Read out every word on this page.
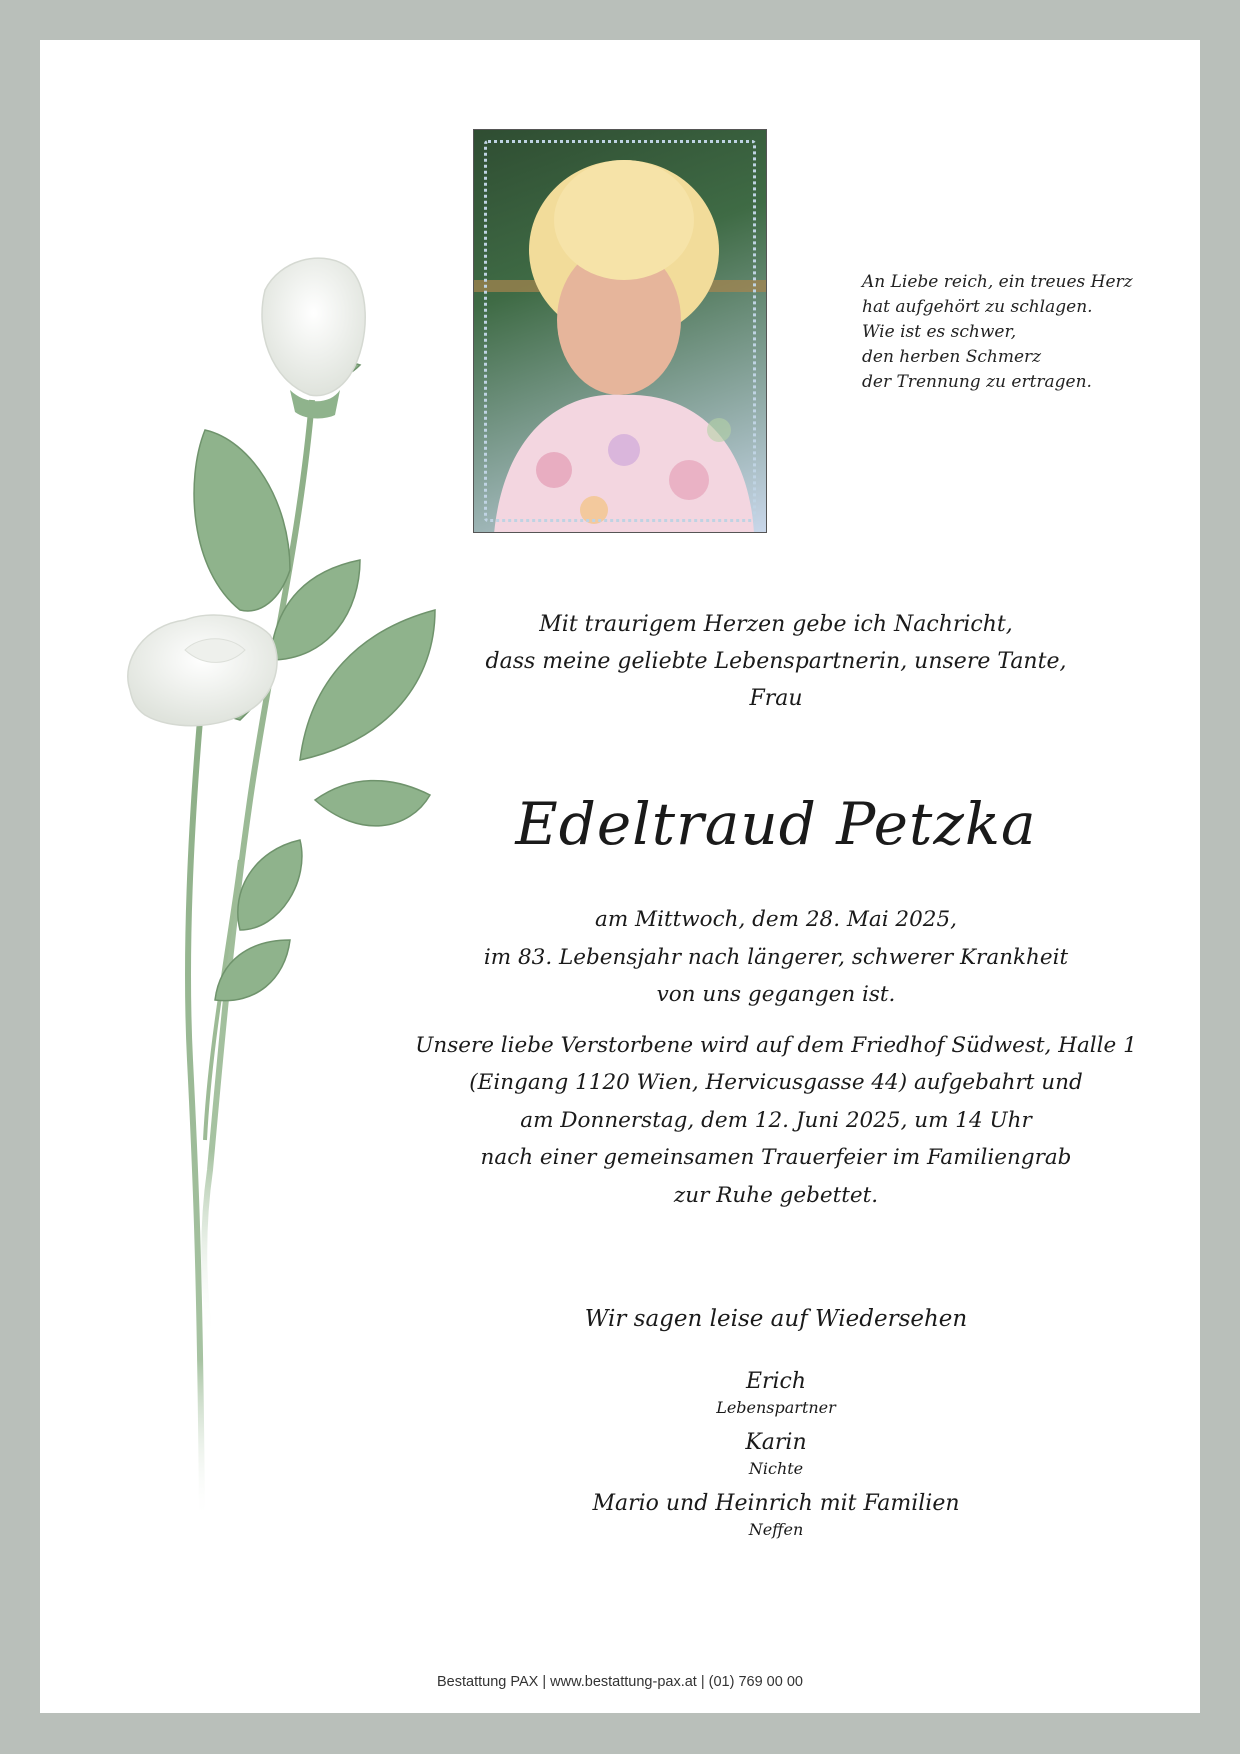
An Liebe reich, ein treues Herz
hat aufgehört zu schlagen.
Wie ist es schwer,
den herben Schmerz
der Trennung zu ertragen.
Mit traurigem Herzen gebe ich Nachricht,
dass meine geliebte Lebenspartnerin, unsere Tante,
Frau
Edeltraud Petzka
am Mittwoch, dem 28. Mai 2025,
im 83. Lebensjahr nach längerer, schwerer Krankheit
von uns gegangen ist.
Unsere liebe Verstorbene wird auf dem Friedhof Südwest, Halle 1
(Eingang 1120 Wien, Hervicusgasse 44) aufgebahrt und
am Donnerstag, dem 12. Juni 2025, um 14 Uhr
nach einer gemeinsamen Trauerfeier im Familiengrab
zur Ruhe gebettet.
Wir sagen leise auf Wiedersehen
Erich
Lebenspartner
Karin
Nichte
Mario und Heinrich mit Familien
Neffen
Bestattung PAX | www.bestattung-pax.at | (01) 769 00 00
